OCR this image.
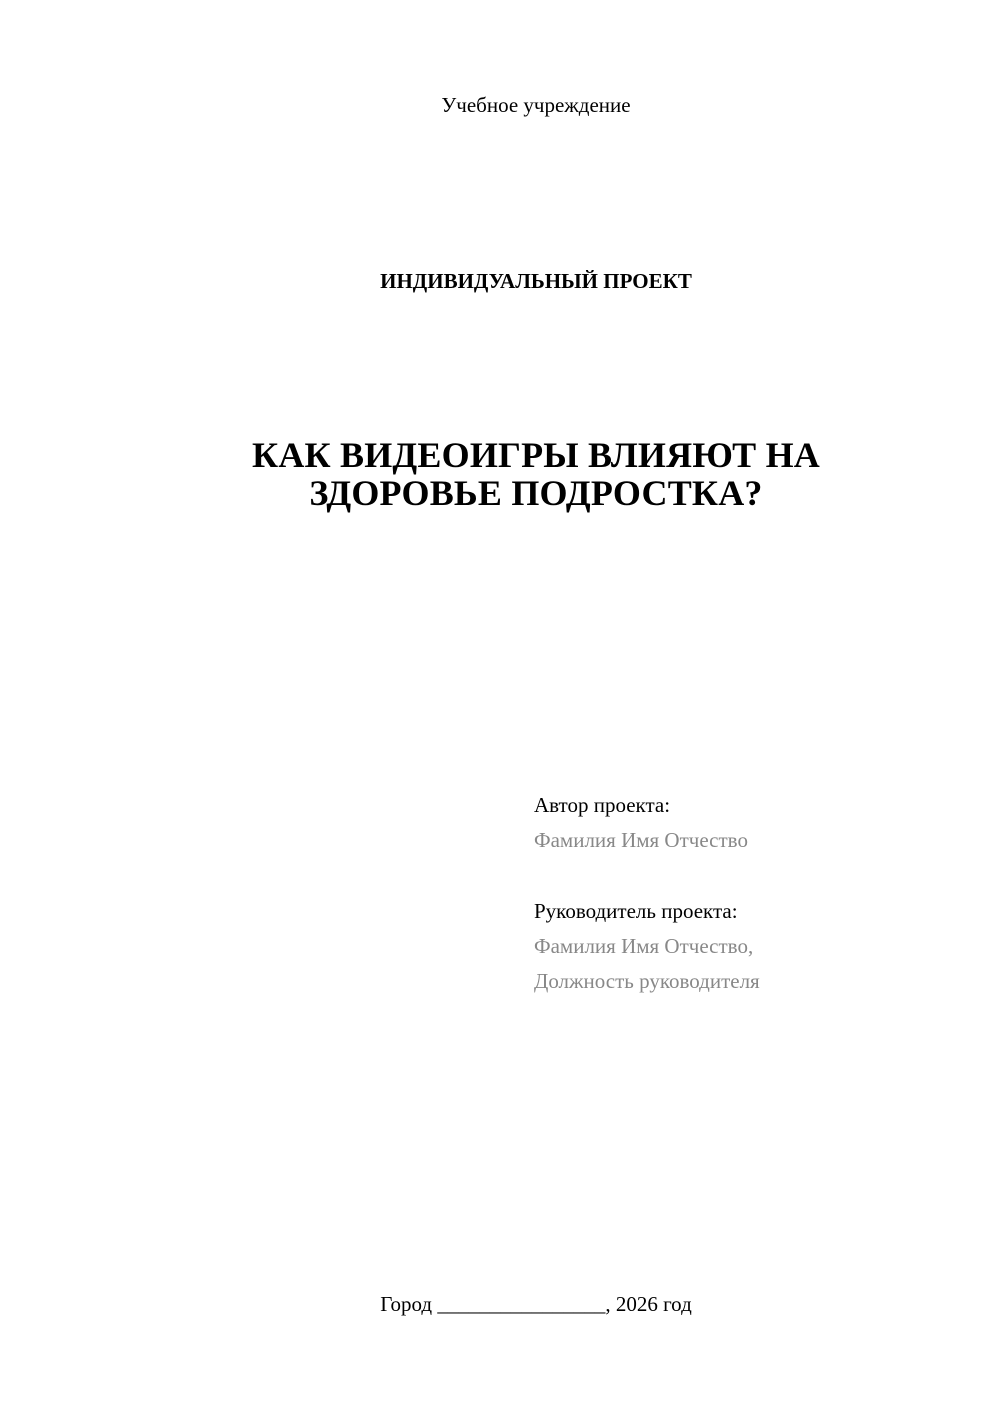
Учебное учреждение
ИНДИВИДУАЛЬНЫЙ ПРОЕКТ
КАК ВИДЕОИГРЫ ВЛИЯЮТ НА
ЗДОРОВЬЕ ПОДРОСТКА?
Автор проекта:
Фамилия Имя Отчество
Руководитель проекта:
Фамилия Имя Отчество,
Должность руководителя
Город ________________, 2026 год
